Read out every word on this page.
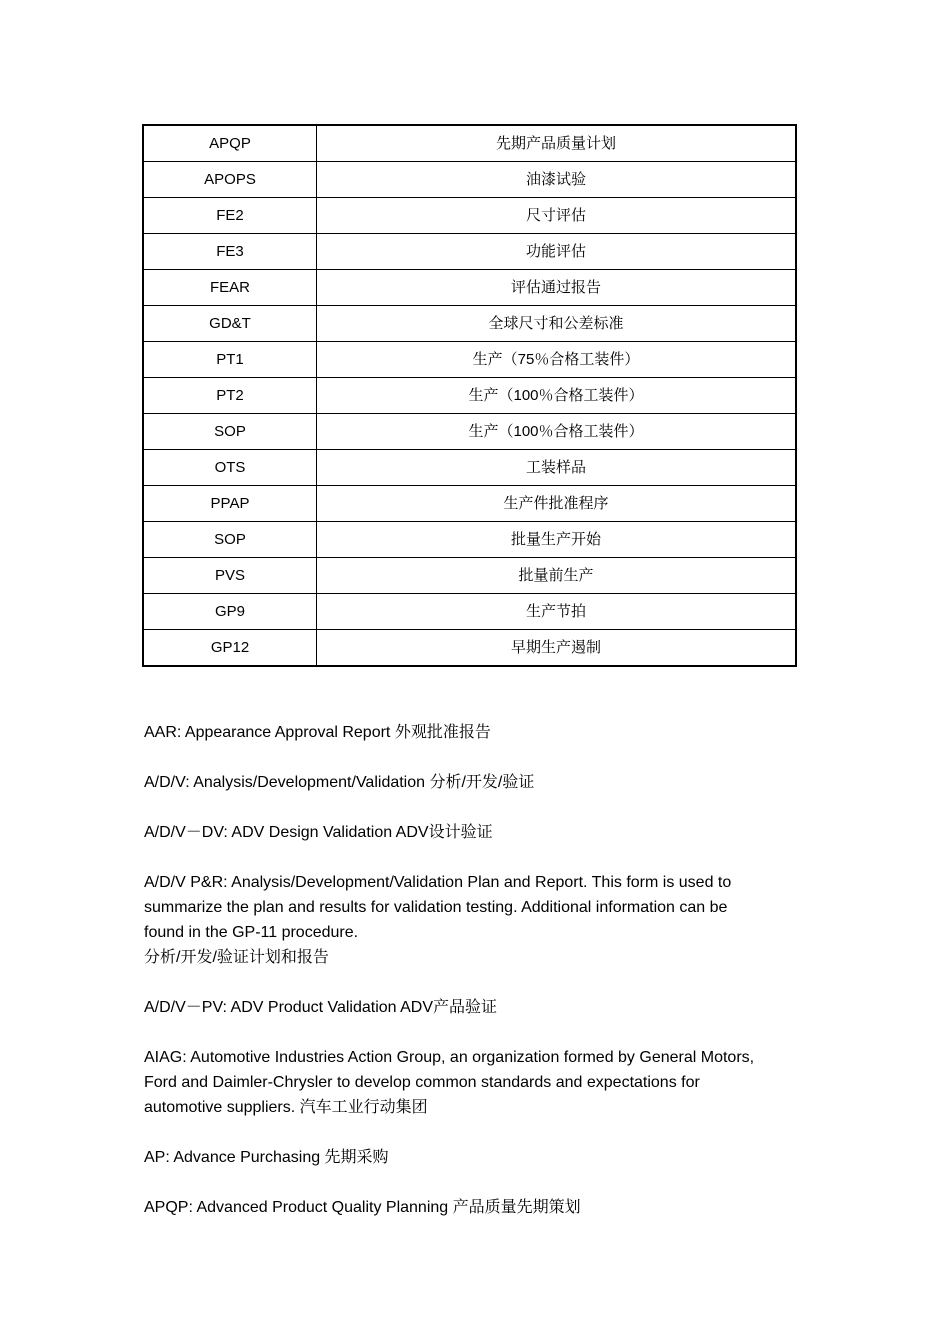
APQP	先期产品质量计划
APOPS	油漆试验
FE2	尺寸评估
FE3	功能评估
FEAR	评估通过报告
GD&T	全球尺寸和公差标准
PT1	生产（75％合格工装件）
PT2	生产（100％合格工装件）
SOP	生产（100％合格工装件）
OTS	工装样品
PPAP	生产件批准程序
SOP	批量生产开始
PVS	批量前生产
GP9	生产节拍
GP12	早期生产遏制

AAR: Appearance Approval Report 外观批准报告

A/D/V: Analysis/Development/Validation 分析/开发/验证

A/D/V－DV: ADV Design Validation ADV设计验证

A/D/V P&R: Analysis/Development/Validation Plan and Report. This form is used to
summarize the plan and results for validation testing. Additional information can be
found in the GP-11 procedure.
分析/开发/验证计划和报告

A/D/V－PV: ADV Product Validation ADV产品验证

AIAG: Automotive Industries Action Group, an organization formed by General Motors,
Ford and Daimler-Chrysler to develop common standards and expectations for
automotive suppliers. 汽车工业行动集团

AP: Advance Purchasing 先期采购

APQP: Advanced Product Quality Planning 产品质量先期策划
